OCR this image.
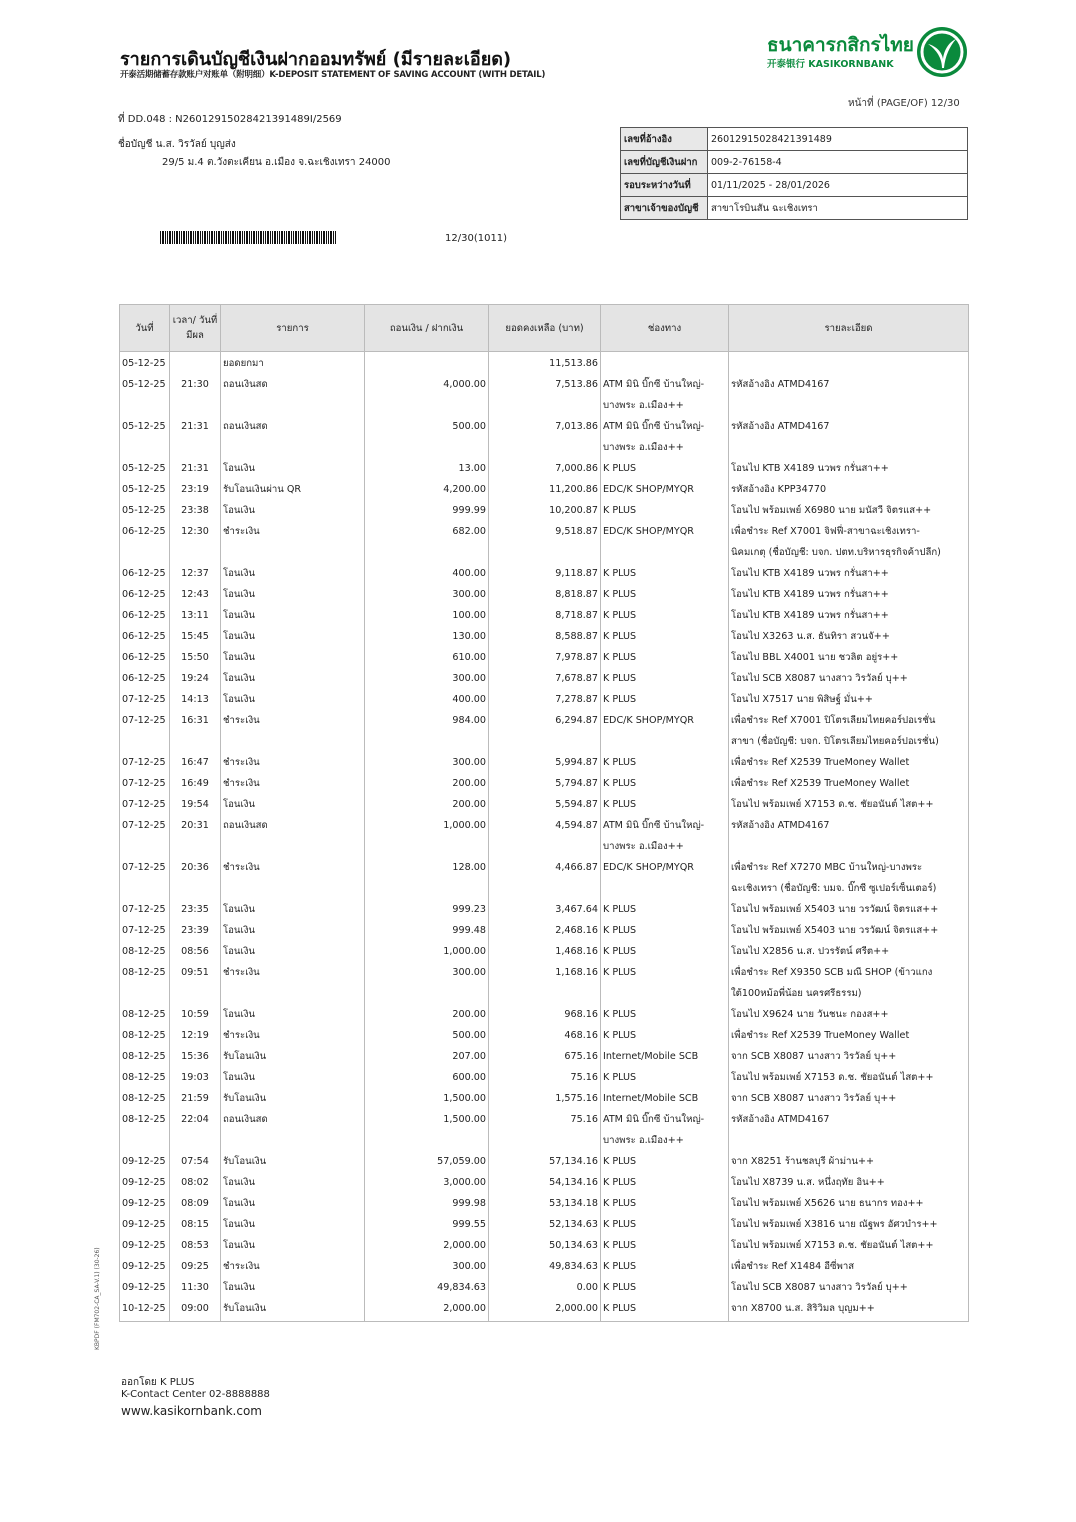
รายการเดินบัญชีเงินฝากออมทรัพย์ (มีรายละเอียด)
开泰活期储蓄存款账户对账单（附明细）K-DEPOSIT STATEMENT OF SAVING ACCOUNT (WITH DETAIL)
ธนาคารกสิกรไทย
开泰银行 KASIKORNBANK
หน้าที่ (PAGE/OF) 12/30
ที่ DD.048 : N26012915028421391489I/2569
ชื่อบัญชี น.ส. วิรวัลย์ บุญส่ง
29/5 ม.4 ต.วังตะเคียน อ.เมือง จ.ฉะเชิงเทรา 24000
12/30(1011)
เลขที่อ้างอิง	26012915028421391489
เลขที่บัญชีเงินฝาก	009-2-76158-4
รอบระหว่างวันที่	01/11/2025 - 28/01/2026
สาขาเจ้าของบัญชี	สาขาโรบินสัน ฉะเชิงเทรา
วันที่	เวลา/ วันที่มีผล	รายการ	ถอนเงิน / ฝากเงิน	ยอดคงเหลือ (บาท)	ช่องทาง	รายละเอียด
05-12-25		ยอดยกมา		11,513.86		
05-12-25	21:30	ถอนเงินสด	4,000.00	7,513.86	ATM มินิ บิ๊กซี บ้านใหญ่-
บางพระ อ.เมือง++	รหัสอ้างอิง ATMD4167
05-12-25	21:31	ถอนเงินสด	500.00	7,013.86	ATM มินิ บิ๊กซี บ้านใหญ่-
บางพระ อ.เมือง++	รหัสอ้างอิง ATMD4167
05-12-25	21:31	โอนเงิน	13.00	7,000.86	K PLUS	โอนไป KTB X4189 นวพร กรั่นสา++
05-12-25	23:19	รับโอนเงินผ่าน QR	4,200.00	11,200.86	EDC/K SHOP/MYQR	รหัสอ้างอิง KPP34770
05-12-25	23:38	โอนเงิน	999.99	10,200.87	K PLUS	โอนไป พร้อมเพย์ X6980 นาย มนัสวี จิตรแส++
06-12-25	12:30	ชำระเงิน	682.00	9,518.87	EDC/K SHOP/MYQR	เพื่อชำระ Ref X7001 จิฟฟี่-สาขาฉะเชิงเทรา-
นิคมเกตุ (ชื่อบัญชี: บจก. ปตท.บริหารธุรกิจค้าปลีก)
06-12-25	12:37	โอนเงิน	400.00	9,118.87	K PLUS	โอนไป KTB X4189 นวพร กรั่นสา++
06-12-25	12:43	โอนเงิน	300.00	8,818.87	K PLUS	โอนไป KTB X4189 นวพร กรั่นสา++
06-12-25	13:11	โอนเงิน	100.00	8,718.87	K PLUS	โอนไป KTB X4189 นวพร กรั่นสา++
06-12-25	15:45	โอนเงิน	130.00	8,588.87	K PLUS	โอนไป X3263 น.ส. ธันทิรา สวนจั++
06-12-25	15:50	โอนเงิน	610.00	7,978.87	K PLUS	โอนไป BBL X4001 นาย ชวลิต อยู่ร++
06-12-25	19:24	โอนเงิน	300.00	7,678.87	K PLUS	โอนไป SCB X8087 นางสาว วิรวัลย์ บุ++
07-12-25	14:13	โอนเงิน	400.00	7,278.87	K PLUS	โอนไป X7517 นาย พิสิษฐ์ มั่น++
07-12-25	16:31	ชำระเงิน	984.00	6,294.87	EDC/K SHOP/MYQR	เพื่อชำระ Ref X7001 ปิโตรเลียมไทยคอร์ปอเรชั่น
สาขา (ชื่อบัญชี: บจก. ปิโตรเลียมไทยคอร์ปอเรชั่น)
07-12-25	16:47	ชำระเงิน	300.00	5,994.87	K PLUS	เพื่อชำระ Ref X2539 TrueMoney Wallet
07-12-25	16:49	ชำระเงิน	200.00	5,794.87	K PLUS	เพื่อชำระ Ref X2539 TrueMoney Wallet
07-12-25	19:54	โอนเงิน	200.00	5,594.87	K PLUS	โอนไป พร้อมเพย์ X7153 ด.ช. ชัยอนันต์ ไสต++
07-12-25	20:31	ถอนเงินสด	1,000.00	4,594.87	ATM มินิ บิ๊กซี บ้านใหญ่-
บางพระ อ.เมือง++	รหัสอ้างอิง ATMD4167
07-12-25	20:36	ชำระเงิน	128.00	4,466.87	EDC/K SHOP/MYQR	เพื่อชำระ Ref X7270 MBC บ้านใหญ่-บางพระ
ฉะเชิงเทรา (ชื่อบัญชี: บมจ. บิ๊กซี ซูเปอร์เซ็นเตอร์)
07-12-25	23:35	โอนเงิน	999.23	3,467.64	K PLUS	โอนไป พร้อมเพย์ X5403 นาย วรวัฒน์ จิตรแส++
07-12-25	23:39	โอนเงิน	999.48	2,468.16	K PLUS	โอนไป พร้อมเพย์ X5403 นาย วรวัฒน์ จิตรแส++
08-12-25	08:56	โอนเงิน	1,000.00	1,468.16	K PLUS	โอนไป X2856 น.ส. ปวรรัตน์ ศรีต++
08-12-25	09:51	ชำระเงิน	300.00	1,168.16	K PLUS	เพื่อชำระ Ref X9350 SCB มณี SHOP (ข้าวแกง
ใต้100หม้อพี่น้อย นครศรีธรรม)
08-12-25	10:59	โอนเงิน	200.00	968.16	K PLUS	โอนไป X9624 นาย วันชนะ กองส++
08-12-25	12:19	ชำระเงิน	500.00	468.16	K PLUS	เพื่อชำระ Ref X2539 TrueMoney Wallet
08-12-25	15:36	รับโอนเงิน	207.00	675.16	Internet/Mobile SCB	จาก SCB X8087 นางสาว วิรวัลย์ บุ++
08-12-25	19:03	โอนเงิน	600.00	75.16	K PLUS	โอนไป พร้อมเพย์ X7153 ด.ช. ชัยอนันต์ ไสต++
08-12-25	21:59	รับโอนเงิน	1,500.00	1,575.16	Internet/Mobile SCB	จาก SCB X8087 นางสาว วิรวัลย์ บุ++
08-12-25	22:04	ถอนเงินสด	1,500.00	75.16	ATM มินิ บิ๊กซี บ้านใหญ่-
บางพระ อ.เมือง++	รหัสอ้างอิง ATMD4167
09-12-25	07:54	รับโอนเงิน	57,059.00	57,134.16	K PLUS	จาก X8251 ร้านชลบุรี ผ้าม่าน++
09-12-25	08:02	โอนเงิน	3,000.00	54,134.16	K PLUS	โอนไป X8739 น.ส. หนึ่งฤทัย อิน++
09-12-25	08:09	โอนเงิน	999.98	53,134.18	K PLUS	โอนไป พร้อมเพย์ X5626 นาย ธนากร ทอง++
09-12-25	08:15	โอนเงิน	999.55	52,134.63	K PLUS	โอนไป พร้อมเพย์ X3816 นาย ณัฐพร อัศวบำร++
09-12-25	08:53	โอนเงิน	2,000.00	50,134.63	K PLUS	โอนไป พร้อมเพย์ X7153 ด.ช. ชัยอนันต์ ไสต++
09-12-25	09:25	ชำระเงิน	300.00	49,834.63	K PLUS	เพื่อชำระ Ref X1484 อีซี่พาส
09-12-25	11:30	โอนเงิน	49,834.63	0.00	K PLUS	โอนไป SCB X8087 นางสาว วิรวัลย์ บุ++
10-12-25	09:00	รับโอนเงิน	2,000.00	2,000.00	K PLUS	จาก X8700 น.ส. สิริวิมล บุญม++
ออกโดย K PLUS
K-Contact Center 02-8888888
www.kasikornbank.com
KBPDF (FM702-CA_SA-V.1) (30-26)
